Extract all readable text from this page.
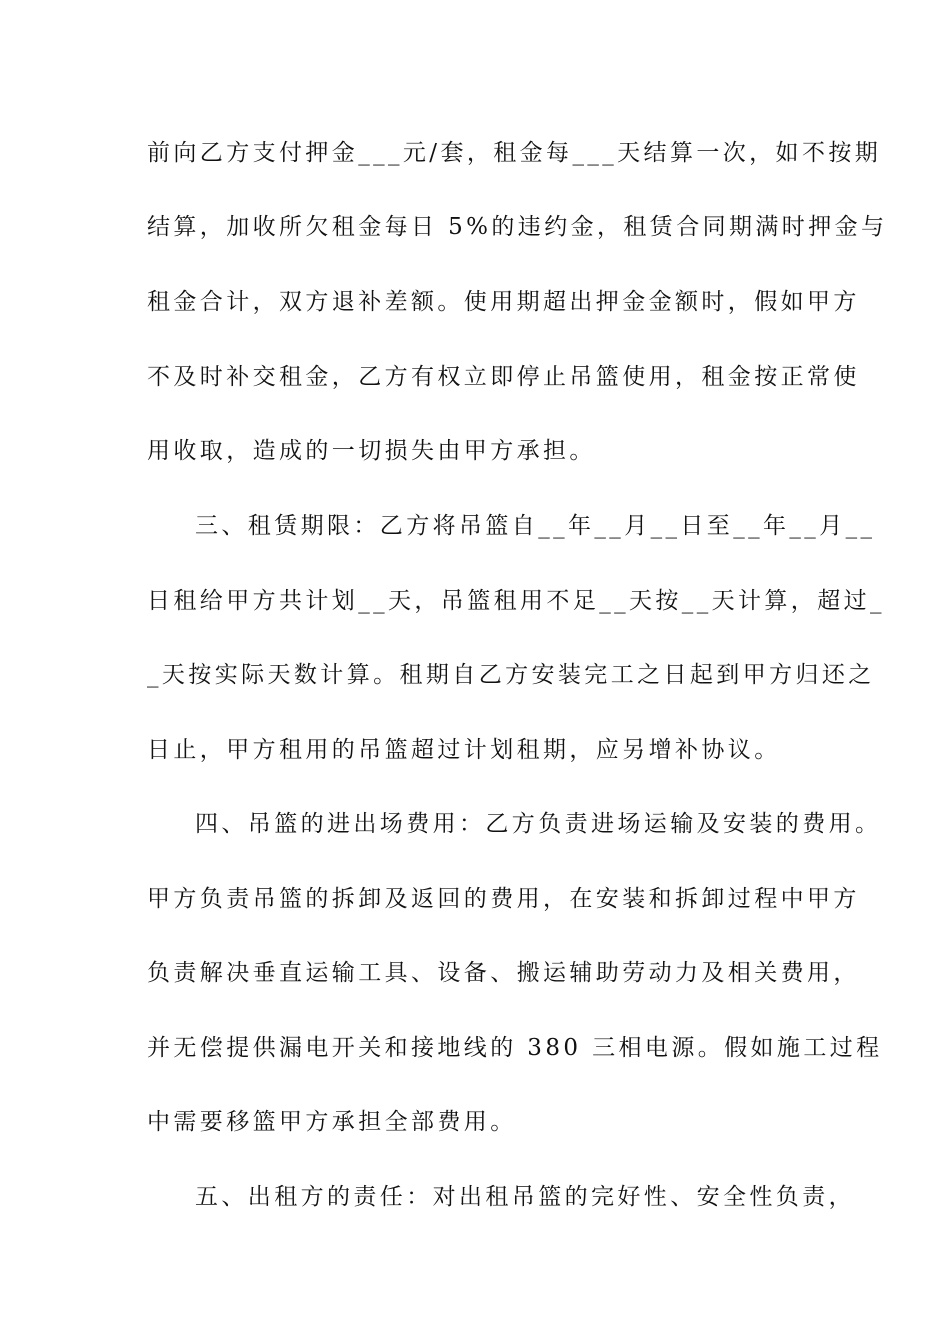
前向乙方支付押金___元/套，租金每___天结算一次，如不按期
结算，加收所欠租金每日 5%的违约金，租赁合同期满时押金与
租金合计，双方退补差额。使用期超出押金金额时，假如甲方
不及时补交租金，乙方有权立即停止吊篮使用，租金按正常使
用收取，造成的一切损失由甲方承担。
三、租赁期限：乙方将吊篮自__年__月__日至__年__月__
日租给甲方共计划__天，吊篮租用不足__天按__天计算，超过_
_天按实际天数计算。租期自乙方安装完工之日起到甲方归还之
日止，甲方租用的吊篮超过计划租期，应另增补协议。
四、吊篮的进出场费用：乙方负责进场运输及安装的费用。
甲方负责吊篮的拆卸及返回的费用，在安装和拆卸过程中甲方
负责解决垂直运输工具、设备、搬运辅助劳动力及相关费用，
并无偿提供漏电开关和接地线的 380 三相电源。假如施工过程
中需要移篮甲方承担全部费用。
五、出租方的责任：对出租吊篮的完好性、安全性负责，
